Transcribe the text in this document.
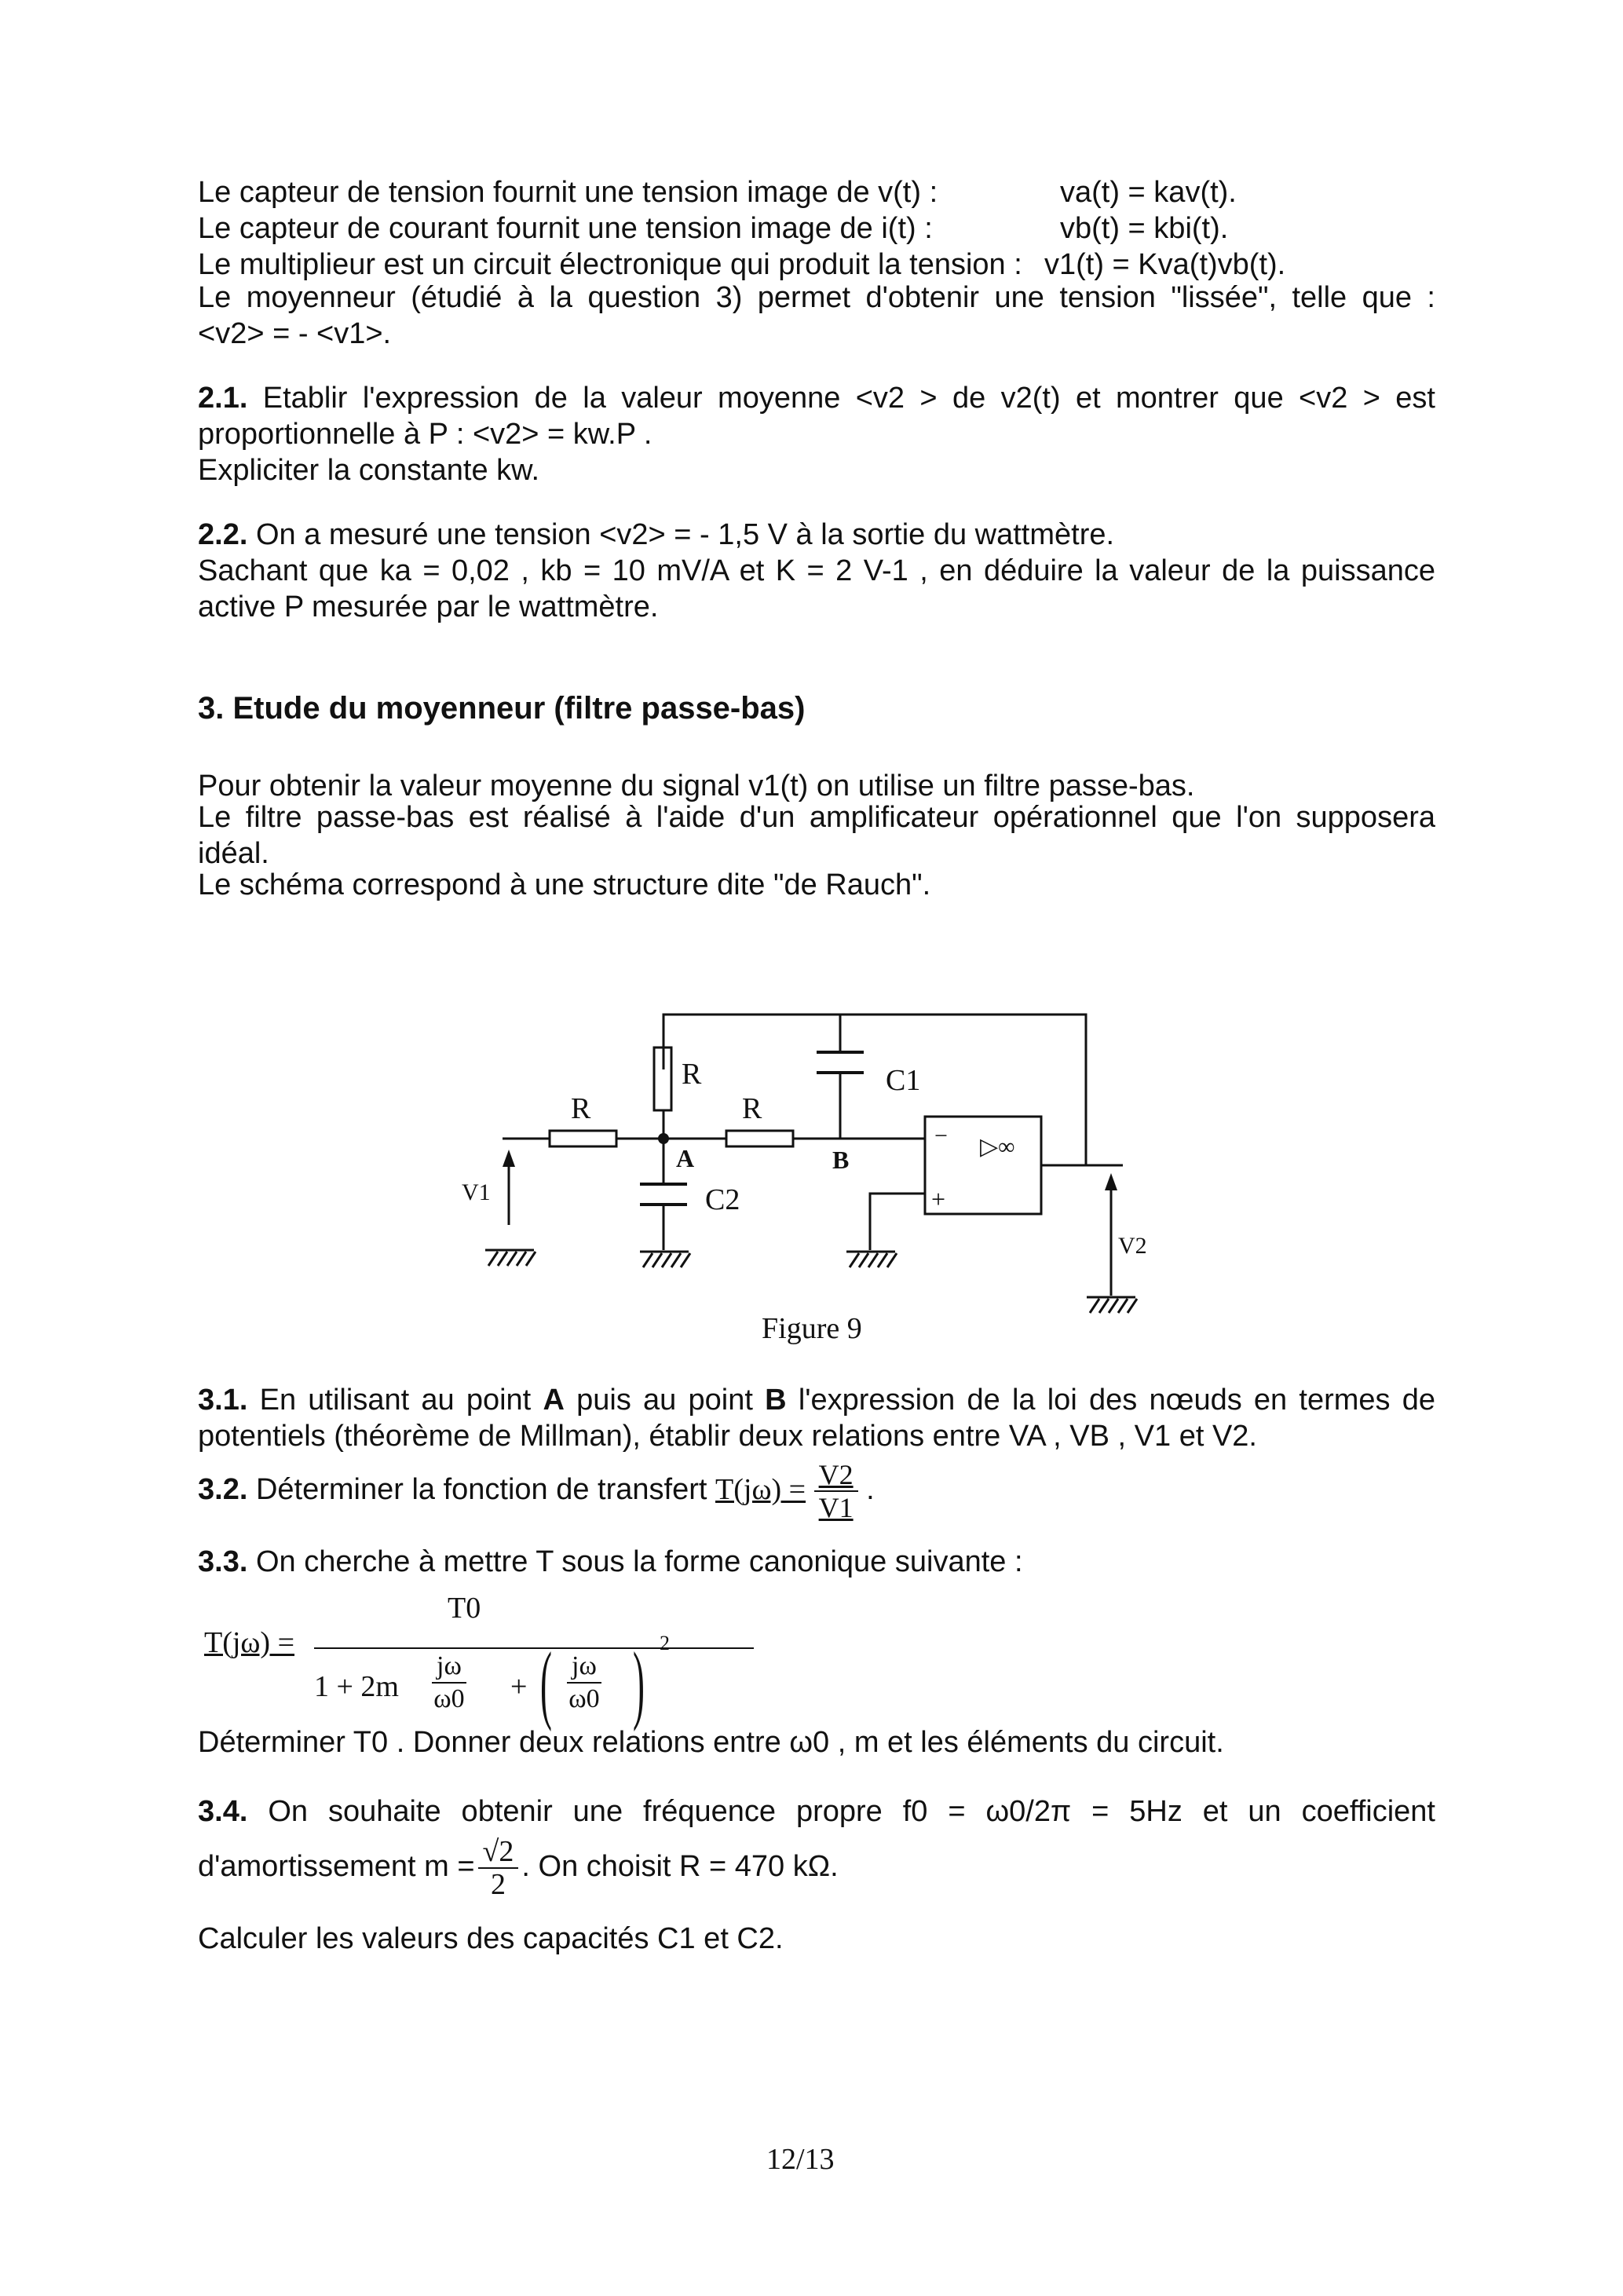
Le capteur de tension fournit une tension image de v(t) :	va(t) = kav(t).
Le capteur de courant fournit une tension image de i(t) :	vb(t) = kbi(t).
Le multiplieur est un circuit électronique qui produit la tension : v1(t) = Kva(t)vb(t).
Le moyenneur (étudié à la question 3) permet d'obtenir une tension "lissée", telle que :
<v2> = - <v1>.
2.1. Etablir l'expression de la valeur moyenne <v2 > de v2(t) et montrer que <v2 > est
proportionnelle à P : <v2> = kw.P .
Expliciter la constante kw.
2.2. On a mesuré une tension <v2> = - 1,5 V à la sortie du wattmètre.
Sachant que ka = 0,02 , kb = 10 mV/A et K = 2 V-1 , en déduire la valeur de la puissance
active P mesurée par le wattmètre.
3. Etude du moyenneur (filtre passe-bas)
Pour obtenir la valeur moyenne du signal v1(t) on utilise un filtre passe-bas.
Le filtre passe-bas est réalisé à l'aide d'un amplificateur opérationnel que l'on supposera
idéal.
Le schéma correspond à une structure dite "de Rauch".
R
R	R
C1
C2
A	B
V1
V2
▷∞
−
+
Figure 9
3.1. En utilisant au point A puis au point B l'expression de la loi des nœuds en termes de
potentiels (théorème de Millman), établir deux relations entre VA , VB , V1 et V2.
3.2. Déterminer la fonction de transfert $T(j\omega) = \frac{V2}{V1}$ .
3.3. On cherche à mettre T sous la forme canonique suivante :
T(jω) =
T0
$1 + 2m \frac{j\omega}{\omega 0}$ + ( $\frac{j\omega}{\omega 0}$ ) 2
Déterminer T0 . Donner deux relations entre ω0 , m et les éléments du circuit.
3.4. On souhaite obtenir une fréquence propre f0 = ω0/2π = 5Hz et un coefficient
d'amortissement $m = \frac{√2}{2}$ . On choisit R = 470 kΩ.
Calculer les valeurs des capacités C1 et C2.
12/13
